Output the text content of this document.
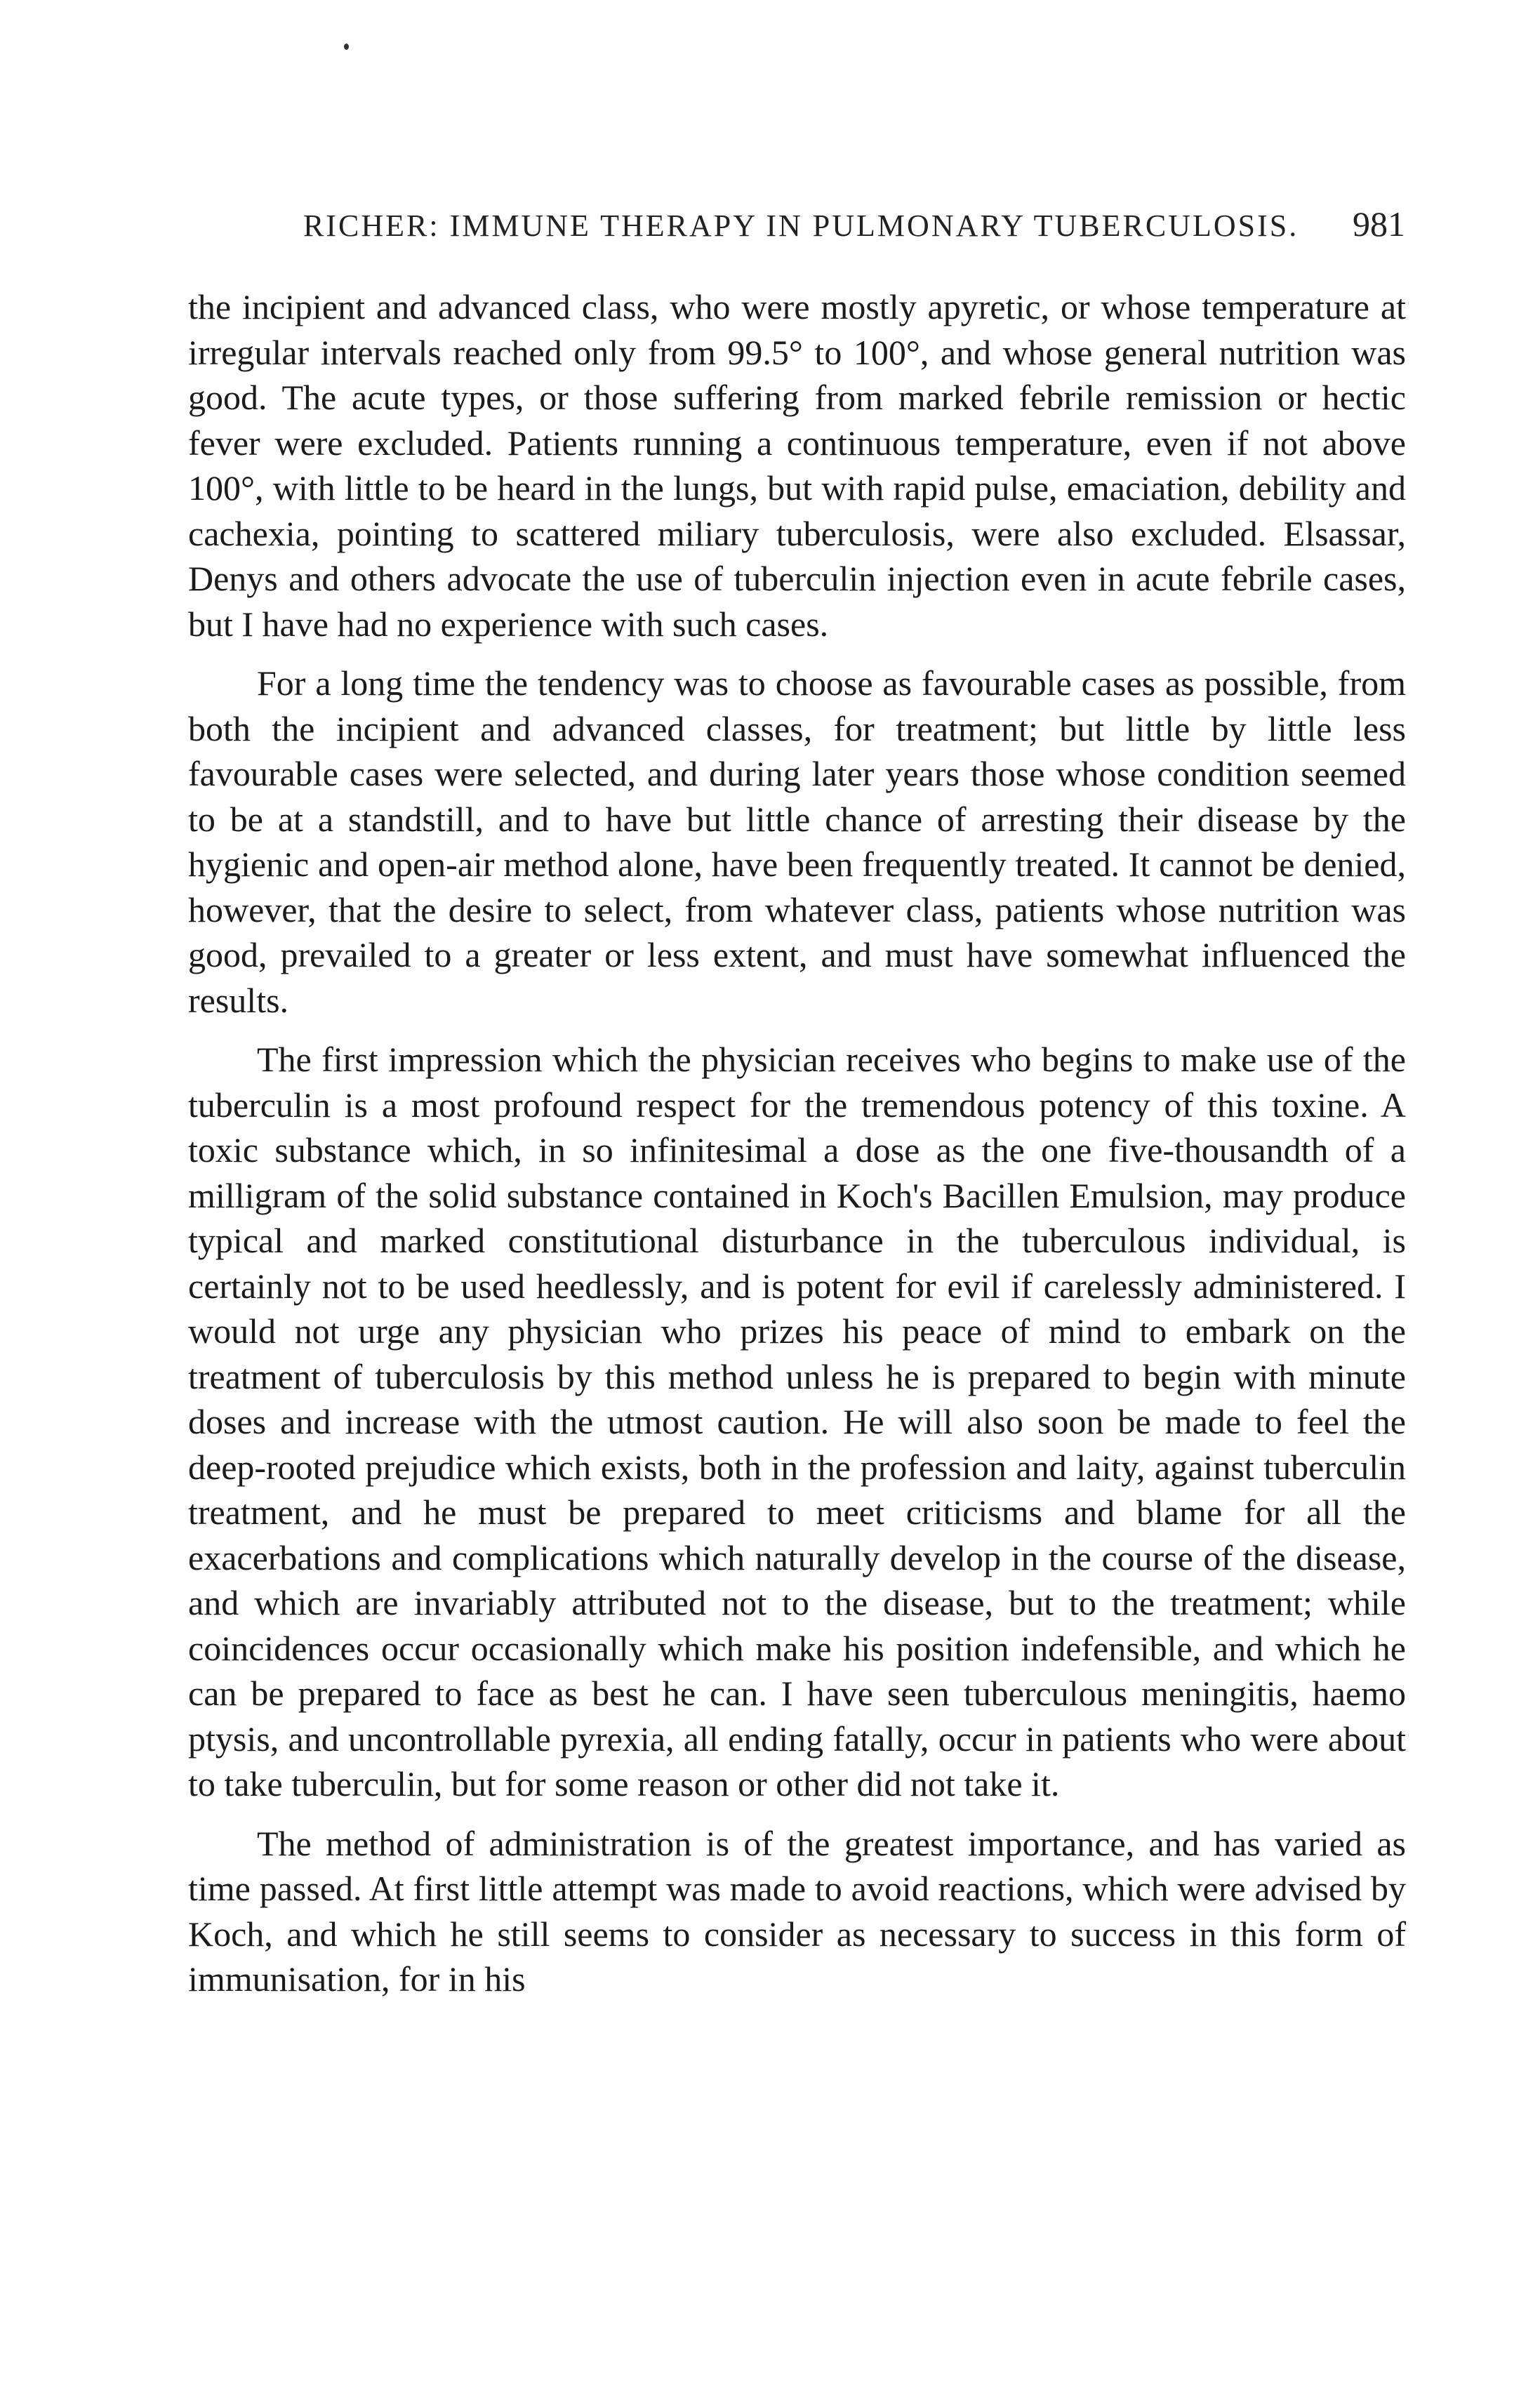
RICHER: IMMUNE THERAPY IN PULMONARY TUBERCULOSIS. 981

the incipient and advanced class, who were mostly apyretic, or whose temperature at irregular intervals reached only from 99.5° to 100°, and whose general nutrition was good. The acute types, or those suffering from marked febrile remission or hectic fever were excluded. Patients running a continuous temperature, even if not above 100°, with little to be heard in the lungs, but with rapid pulse, emaciation, debility and cachexia, pointing to scattered miliary tuberculosis, were also excluded. Elsassar, Denys and others advocate the use of tuberculin injection even in acute febrile cases, but I have had no experience with such cases.

For a long time the tendency was to choose as favourable cases as possible, from both the incipient and advanced classes, for treatment; but little by little less favourable cases were selected, and during later years those whose condition seemed to be at a standstill, and to have but little chance of arresting their disease by the hygienic and open-air method alone, have been frequently treated. It cannot be denied, however, that the desire to select, from whatever class, patients whose nutrition was good, prevailed to a greater or less extent, and must have somewhat influenced the results.

The first impression which the physician receives who begins to make use of the tuberculin is a most profound respect for the tremendous potency of this toxine. A toxic substance which, in so infinitesimal a dose as the one five-thousandth of a milligram of the solid substance contained in Koch's Bacillen Emulsion, may produce typical and marked constitutional disturbance in the tuberculous individual, is certainly not to be used heedlessly, and is potent for evil if carelessly administered. I would not urge any physician who prizes his peace of mind to embark on the treatment of tuberculosis by this method unless he is prepared to begin with minute doses and increase with the utmost caution. He will also soon be made to feel the deep-rooted prejudice which exists, both in the profession and laity, against tuberculin treatment, and he must be prepared to meet criticisms and blame for all the exacerbations and complications which naturally develop in the course of the disease, and which are invariably attributed not to the disease, but to the treatment; while coincidences occur occasionally which make his position indefensible, and which he can be prepared to face as best he can. I have seen tuberculous meningitis, haemo ptysis, and uncontrollable pyrexia, all ending fatally, occur in patients who were about to take tuberculin, but for some reason or other did not take it.

The method of administration is of the greatest importance, and has varied as time passed. At first little attempt was made to avoid reactions, which were advised by Koch, and which he still seems to consider as necessary to success in this form of immunisation, for in his
